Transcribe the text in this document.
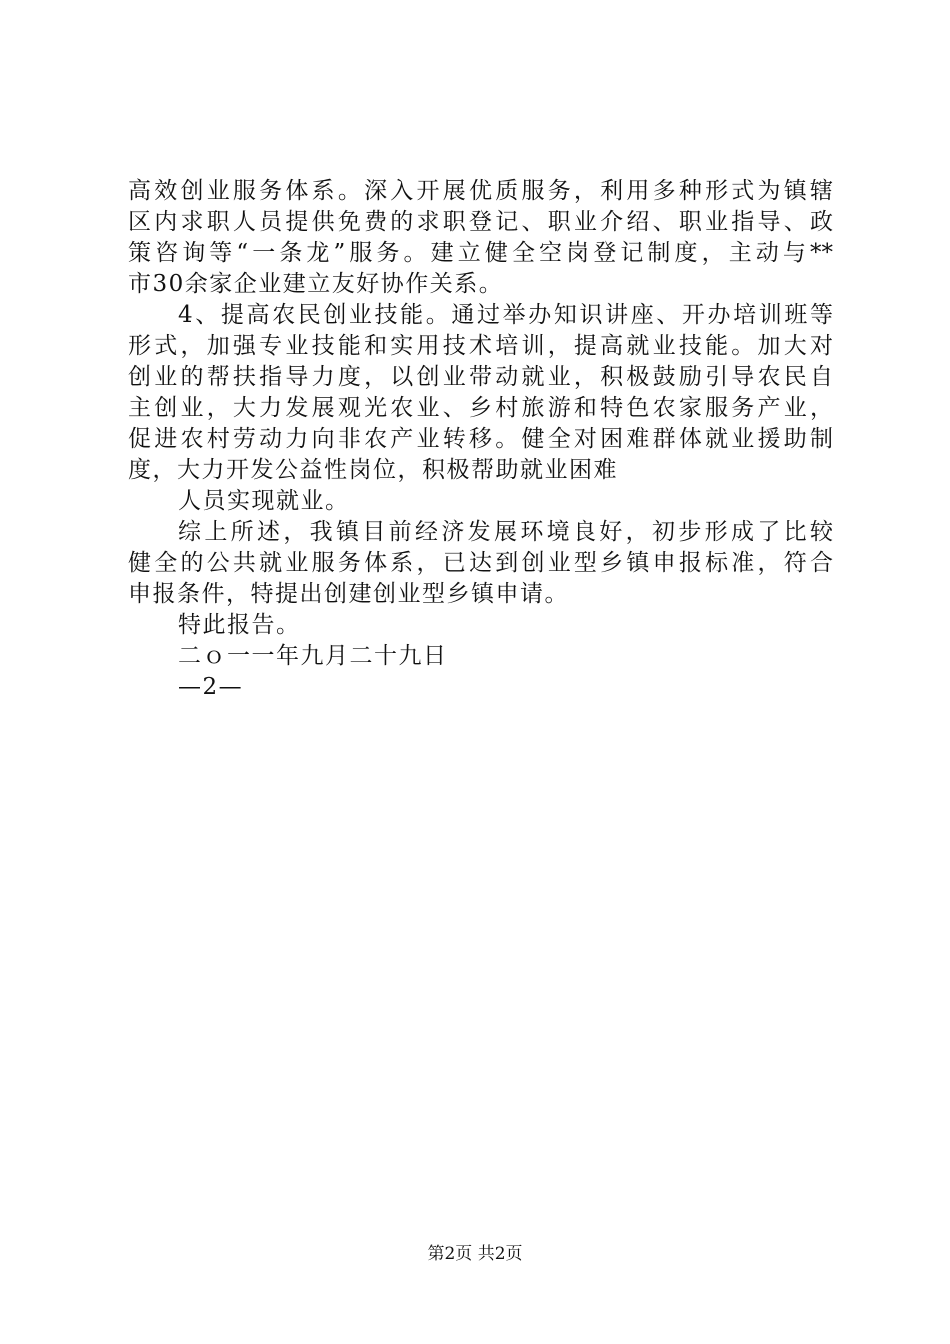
高效创业服务体系。深入开展优质服务，利用多种形式为镇辖
区内求职人员提供免费的求职登记、职业介绍、职业指导、政
策咨询等“一条龙”服务。建立健全空岗登记制度，主动与**
市30余家企业建立友好协作关系。
4、提高农民创业技能。通过举办知识讲座、开办培训班等
形式，加强专业技能和实用技术培训，提高就业技能。加大对
创业的帮扶指导力度，以创业带动就业，积极鼓励引导农民自
主创业，大力发展观光农业、乡村旅游和特色农家服务产业，
促进农村劳动力向非农产业转移。健全对困难群体就业援助制
度，大力开发公益性岗位，积极帮助就业困难
人员实现就业。
综上所述，我镇目前经济发展环境良好，初步形成了比较
健全的公共就业服务体系，已达到创业型乡镇申报标准，符合
申报条件，特提出创建创业型乡镇申请。
特此报告。
二ｏ一一年九月二十九日
—2—
第2页 共2页
